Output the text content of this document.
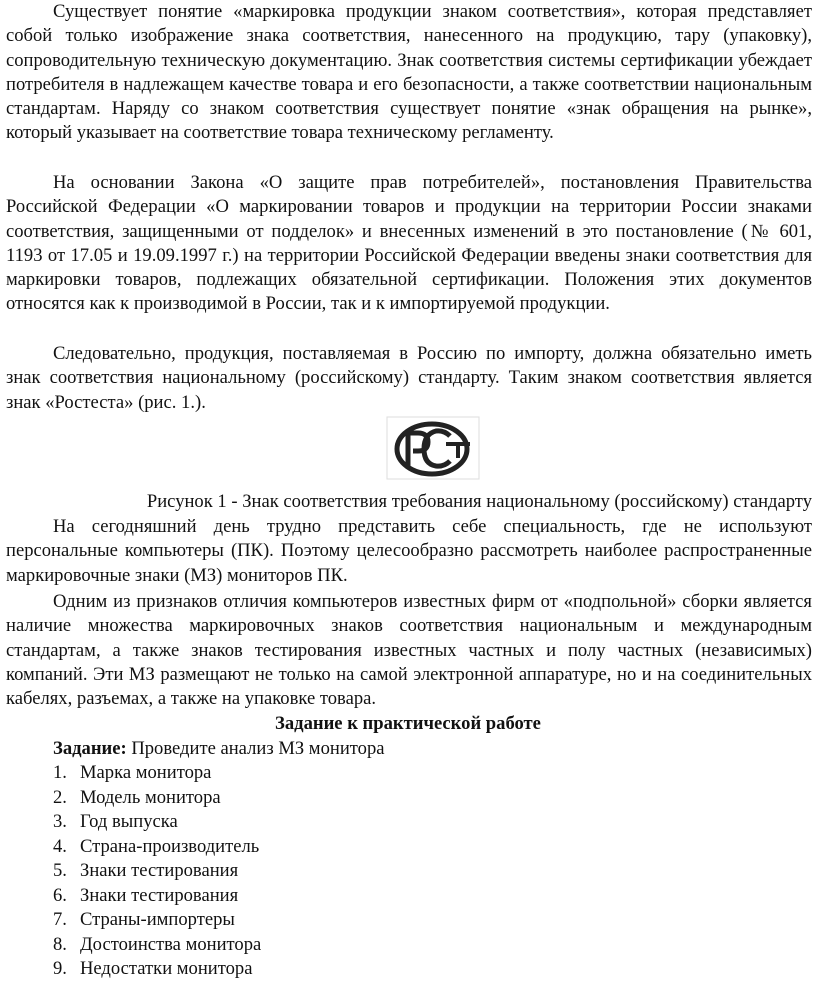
Существует понятие «маркировка продукции знаком соответствия», которая представляет собой только изображение знака соответствия, нанесенного на продукцию, тару (упаковку), сопроводительную техническую документацию. Знак соответствия системы сертификации убеждает потребителя в надлежащем качестве товара и его безопасности, а также соответствии национальным стандартам. Наряду со знаком соответствия существует понятие «знак обращения на рынке», который указывает на соответствие товара техническому регламенту.

На основании Закона «О защите прав потребителей», постановления Правительства Российской Федерации «О маркировании товаров и продукции на территории России знаками соответствия, защищенными от подделок» и внесенных изменений в это постановление (№ 601, 1193 от 17.05 и 19.09.1997 г.) на территории Российской Федерации введены знаки соответствия для маркировки товаров, подлежащих обязательной сертификации. Положения этих документов относятся как к производимой в России, так и к импортируемой продукции.

Следовательно, продукция, поставляемая в Россию по импорту, должна обязательно иметь знак соответствия национальному (российскому) стандарту. Таким знаком соответствия является знак «Ростеста» (рис. 1.).

Рисунок 1 - Знак соответствия требования национальному (российскому) стандарту

На сегодняшний день трудно представить себе специальность, где не используют персональные компьютеры (ПК). Поэтому целесообразно рассмотреть наиболее распространенные маркировочные знаки (МЗ) мониторов ПК.

Одним из признаков отличия компьютеров известных фирм от «подпольной» сборки является наличие множества маркировочных знаков соответствия национальным и международным стандартам, а также знаков тестирования известных частных и полу частных (независимых) компаний. Эти МЗ размещают не только на самой электронной аппаратуре, но и на соединительных кабелях, разъемах, а также на упаковке товара.

Задание к практической работе

Задание: Проведите анализ МЗ монитора

1. Марка монитора
2. Модель монитора
3. Год выпуска
4. Страна-производитель
5. Знаки тестирования
6. Знаки тестирования
7. Страны-импортеры
8. Достоинства монитора
9. Недостатки монитора
